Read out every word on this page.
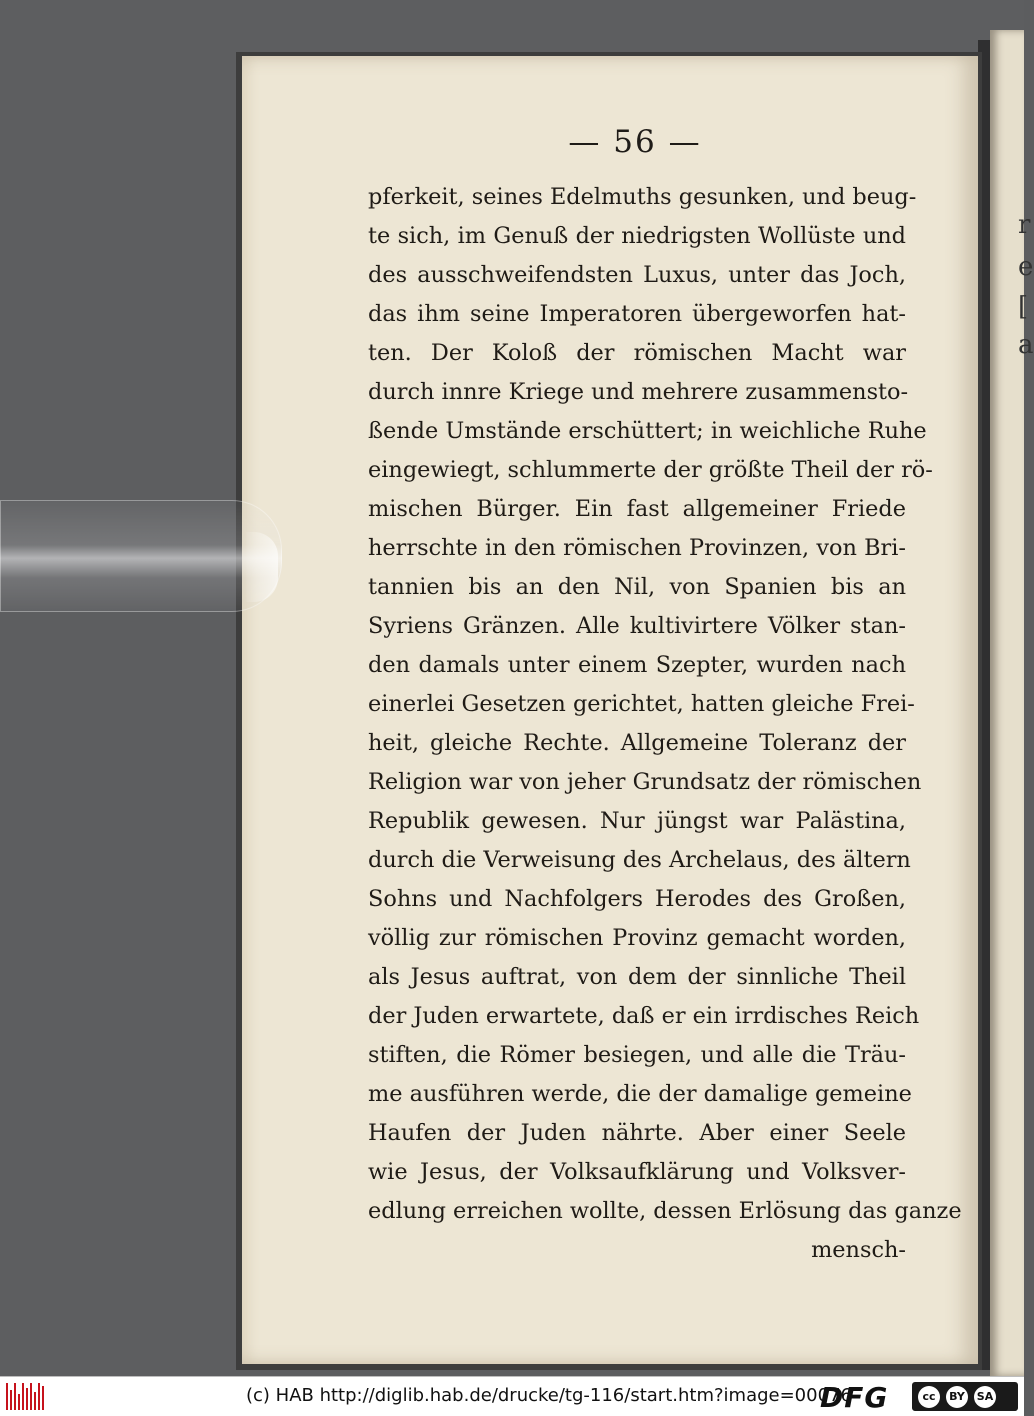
r
e
[
a
— 56 —
pferkeit, seines Edelmuths gesunken, und beug-
te sich, im Genuß der niedrigsten Wollüste und
des ausschweifendsten Luxus, unter das Joch,
das ihm seine Imperatoren übergeworfen hat-
ten. Der Koloß der römischen Macht war
durch innre Kriege und mehrere zusammensto-
ßende Umstände erschüttert; in weichliche Ruhe
eingewiegt, schlummerte der größte Theil der rö-
mischen Bürger. Ein fast allgemeiner Friede
herrschte in den römischen Provinzen, von Bri-
tannien bis an den Nil, von Spanien bis an
Syriens Gränzen. Alle kultivirtere Völker stan-
den damals unter einem Szepter, wurden nach
einerlei Gesetzen gerichtet, hatten gleiche Frei-
heit, gleiche Rechte. Allgemeine Toleranz der
Religion war von jeher Grundsatz der römischen
Republik gewesen. Nur jüngst war Palästina,
durch die Verweisung des Archelaus, des ältern
Sohns und Nachfolgers Herodes des Großen,
völlig zur römischen Provinz gemacht worden,
als Jesus auftrat, von dem der sinnliche Theil
der Juden erwartete, daß er ein irrdisches Reich
stiften, die Römer besiegen, und alle die Träu-
me ausführen werde, die der damalige gemeine
Haufen der Juden nährte. Aber einer Seele
wie Jesus, der Volksaufklärung und Volksver-
edlung erreichen wollte, dessen Erlösung das ganze
mensch-
(c) HAB http://diglib.hab.de/drucke/tg-116/start.htm?image=00076
DFG	cc	BY SA
